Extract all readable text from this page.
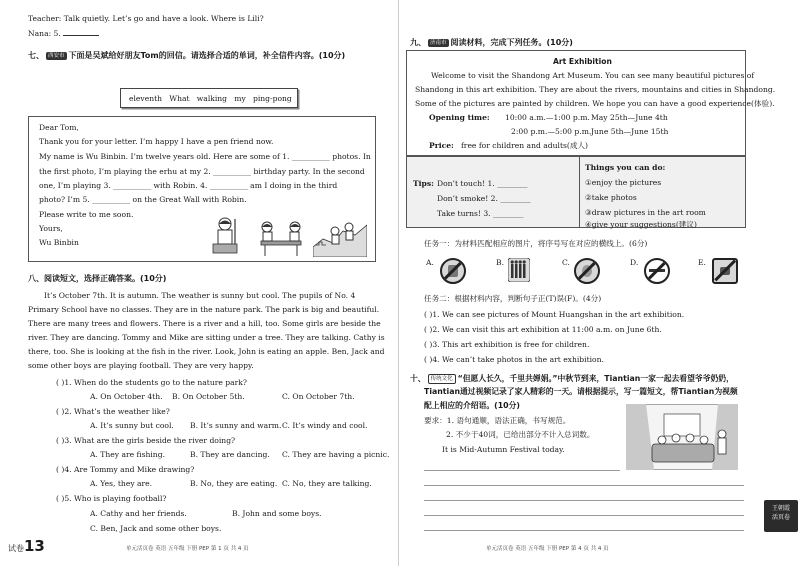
Teacher: Talk quietly. Let’s go and have a look. Where is Lili?
Nana: 5.
七、 西安市 下面是吴斌给好朋友Tom的回信。请选择合适的单词，补全信件内容。(10分)
eleventh   What   walking   my   ping-pong
Dear Tom,
Thank you for your letter. I’m happy I have a pen friend now.
My name is Wu Binbin. I’m twelve years old. Here are some of 1. __________ photos. In
the first photo, I’m playing the erhu at my 2. __________ birthday party. In the second
one, I’m playing 3. __________ with Robin. 4. __________ am I doing in the third
photo? I’m 5. __________ on the Great Wall with Robin.
Please write to me soon.
Yours,
Wu Binbin
八、阅读短文，选择正确答案。(10分)
It’s October 7th. It is autumn. The weather is sunny but cool. The pupils of No. 4
Primary School have no classes. They are in the nature park. The park is big and beautiful.
There are many trees and flowers. There is a river and a hill, too. Some girls are beside the
river. They are dancing. Tommy and Mike are sitting under a tree. They are talking. Cathy is
there, too. She is looking at the fish in the river. Look, John is eating an apple. Ben, Jack and
some other boys are playing football. They are very happy.
( )1. When do the students go to the nature park?
A. On October 4th. B. On October 5th.	C. On October 7th.
( )2. What’s the weather like?
A. It’s sunny but cool. B. It’s sunny and warm. C. It’s windy and cool.
( )3. What are the girls beside the river doing?
A. They are fishing.	B. They are dancing. C. They are having a picnic.
( )4. Are Tommy and Mike drawing?
A. Yes, they are.	B. No, they are eating. C. No, they are talking.
( )5. Who is playing football?
A. Cathy and her friends.	B. John and some boys.
C. Ben, Jack and some other boys.
试卷13	单元活页卷 英语 五年级 下册 PEP 第 1 页 共 4 页
九、 济南市 阅读材料，完成下列任务。(10分)
Art Exhibition
Welcome to visit the Shandong Art Museum. You can see many beautiful pictures of
Shandong in this art exhibition. They are about the rivers, mountains and cities in Shandong.
Some of the pictures are painted by children. We hope you can have a good experience(体验).
Opening time: 10:00 a.m.—1:00 p.m. May 25th—June 4th
2:00 p.m.—5:00 p.m. June 5th—June 15th
Price: free for children and adults(成人)
Tips: Don’t touch! 1. ________
Don’t smoke! 2. ________
Take turns! 3. ________
Things you can do:
①enjoy the pictures
②take photos
③draw pictures in the art room
④give your suggestions(建议)
任务一：为材料匹配相应的图片，将序号写在对应的横线上。(6分)
A.	B.	C.	D.	E.
任务二：根据材料内容，判断句子正(T)误(F)。(4分)
( )1. We can see pictures of Mount Huangshan in the art exhibition.
( )2. We can visit this art exhibition at 11:00 a.m. on June 6th.
( )3. This art exhibition is free for children.
( )4. We can’t take photos in the art exhibition.
十、 传统文化 “但愿人长久，千里共婵娟。”中秋节到来，Tiantian一家一起去看望爷爷奶奶，
Tiantian通过视频记录了家人精彩的一天。请根据提示，写一篇短文，帮Tiantian为视频
配上相应的介绍语。(10分)
要求：1. 语句通顺，语法正确，书写规范。
2. 不少于40词，已给出部分不计入总词数。
It is Mid-Autumn Festival today.
单元活页卷 英语 五年级 下册 PEP 第 4 页 共 4 页
王朝霞
活页卷
